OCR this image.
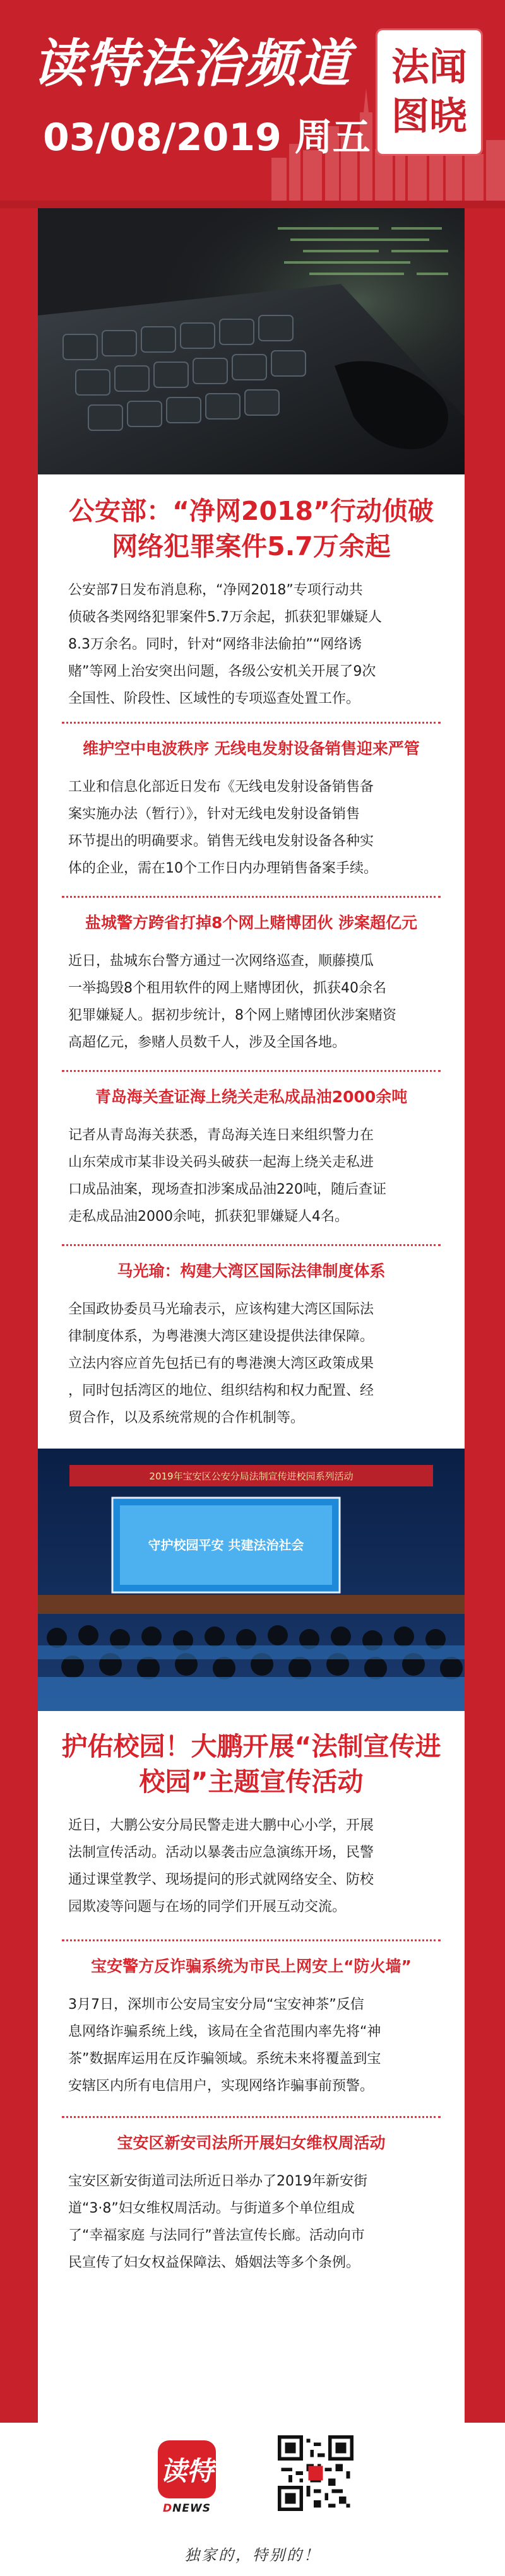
读特法治频道

03/08/2019 周五

法闻
图晓
公安部：“净网2018”行动侦破
网络犯罪案件5.7万余起
公安部7日发布消息称，“净网2018”专项行动共
侦破各类网络犯罪案件5.7万余起，抓获犯罪嫌疑人
8.3万余名。同时，针对“网络非法偷拍”“网络诱
赌”等网上治安突出问题，各级公安机关开展了9次
全国性、阶段性、区域性的专项巡查处置工作。
维护空中电波秩序 无线电发射设备销售迎来严管
工业和信息化部近日发布《无线电发射设备销售备
案实施办法（暂行）》，针对无线电发射设备销售
环节提出的明确要求。销售无线电发射设备各种实
体的企业，需在10个工作日内办理销售备案手续。
盐城警方跨省打掉8个网上赌博团伙 涉案超亿元
近日，盐城东台警方通过一次网络巡查，顺藤摸瓜
一举捣毁8个租用软件的网上赌博团伙，抓获40余名
犯罪嫌疑人。据初步统计，8个网上赌博团伙涉案赌资
高超亿元，参赌人员数千人，涉及全国各地。
青岛海关查证海上绕关走私成品油2000余吨
记者从青岛海关获悉，青岛海关连日来组织警力在
山东荣成市某非设关码头破获一起海上绕关走私进
口成品油案，现场查扣涉案成品油220吨，随后查证
走私成品油2000余吨，抓获犯罪嫌疑人4名。
马光瑜：构建大湾区国际法律制度体系
全国政协委员马光瑜表示，应该构建大湾区国际法
律制度体系，为粤港澳大湾区建设提供法律保障。
立法内容应首先包括已有的粤港澳大湾区政策成果
，同时包括湾区的地位、组织结构和权力配置、经
贸合作，以及系统常规的合作机制等。
2019年宝安区公安分局法制宣传进校园系列活动
守护校园平安 共建法治社会
护佑校园！大鹏开展“法制宣传进
校园”主题宣传活动
近日，大鹏公安分局民警走进大鹏中心小学，开展
法制宣传活动。活动以暴袭击应急演练开场，民警
通过课堂教学、现场提问的形式就网络安全、防校
园欺凌等问题与在场的同学们开展互动交流。
宝安警方反诈骗系统为市民上网安上“防火墙”
3月7日，深圳市公安局宝安分局“宝安神茶”反信
息网络诈骗系统上线，该局在全省范围内率先将“神
茶”数据库运用在反诈骗领域。系统未来将覆盖到宝
安辖区内所有电信用户，实现网络诈骗事前预警。
宝安区新安司法所开展妇女维权周活动
宝安区新安街道司法所近日举办了2019年新安街
道“3·8”妇女维权周活动。与街道多个单位组成
了“幸福家庭 与法同行”普法宣传长廊。活动向市
民宣传了妇女权益保障法、婚姻法等多个条例。
读特
DNEWS
独家的，特别的！
